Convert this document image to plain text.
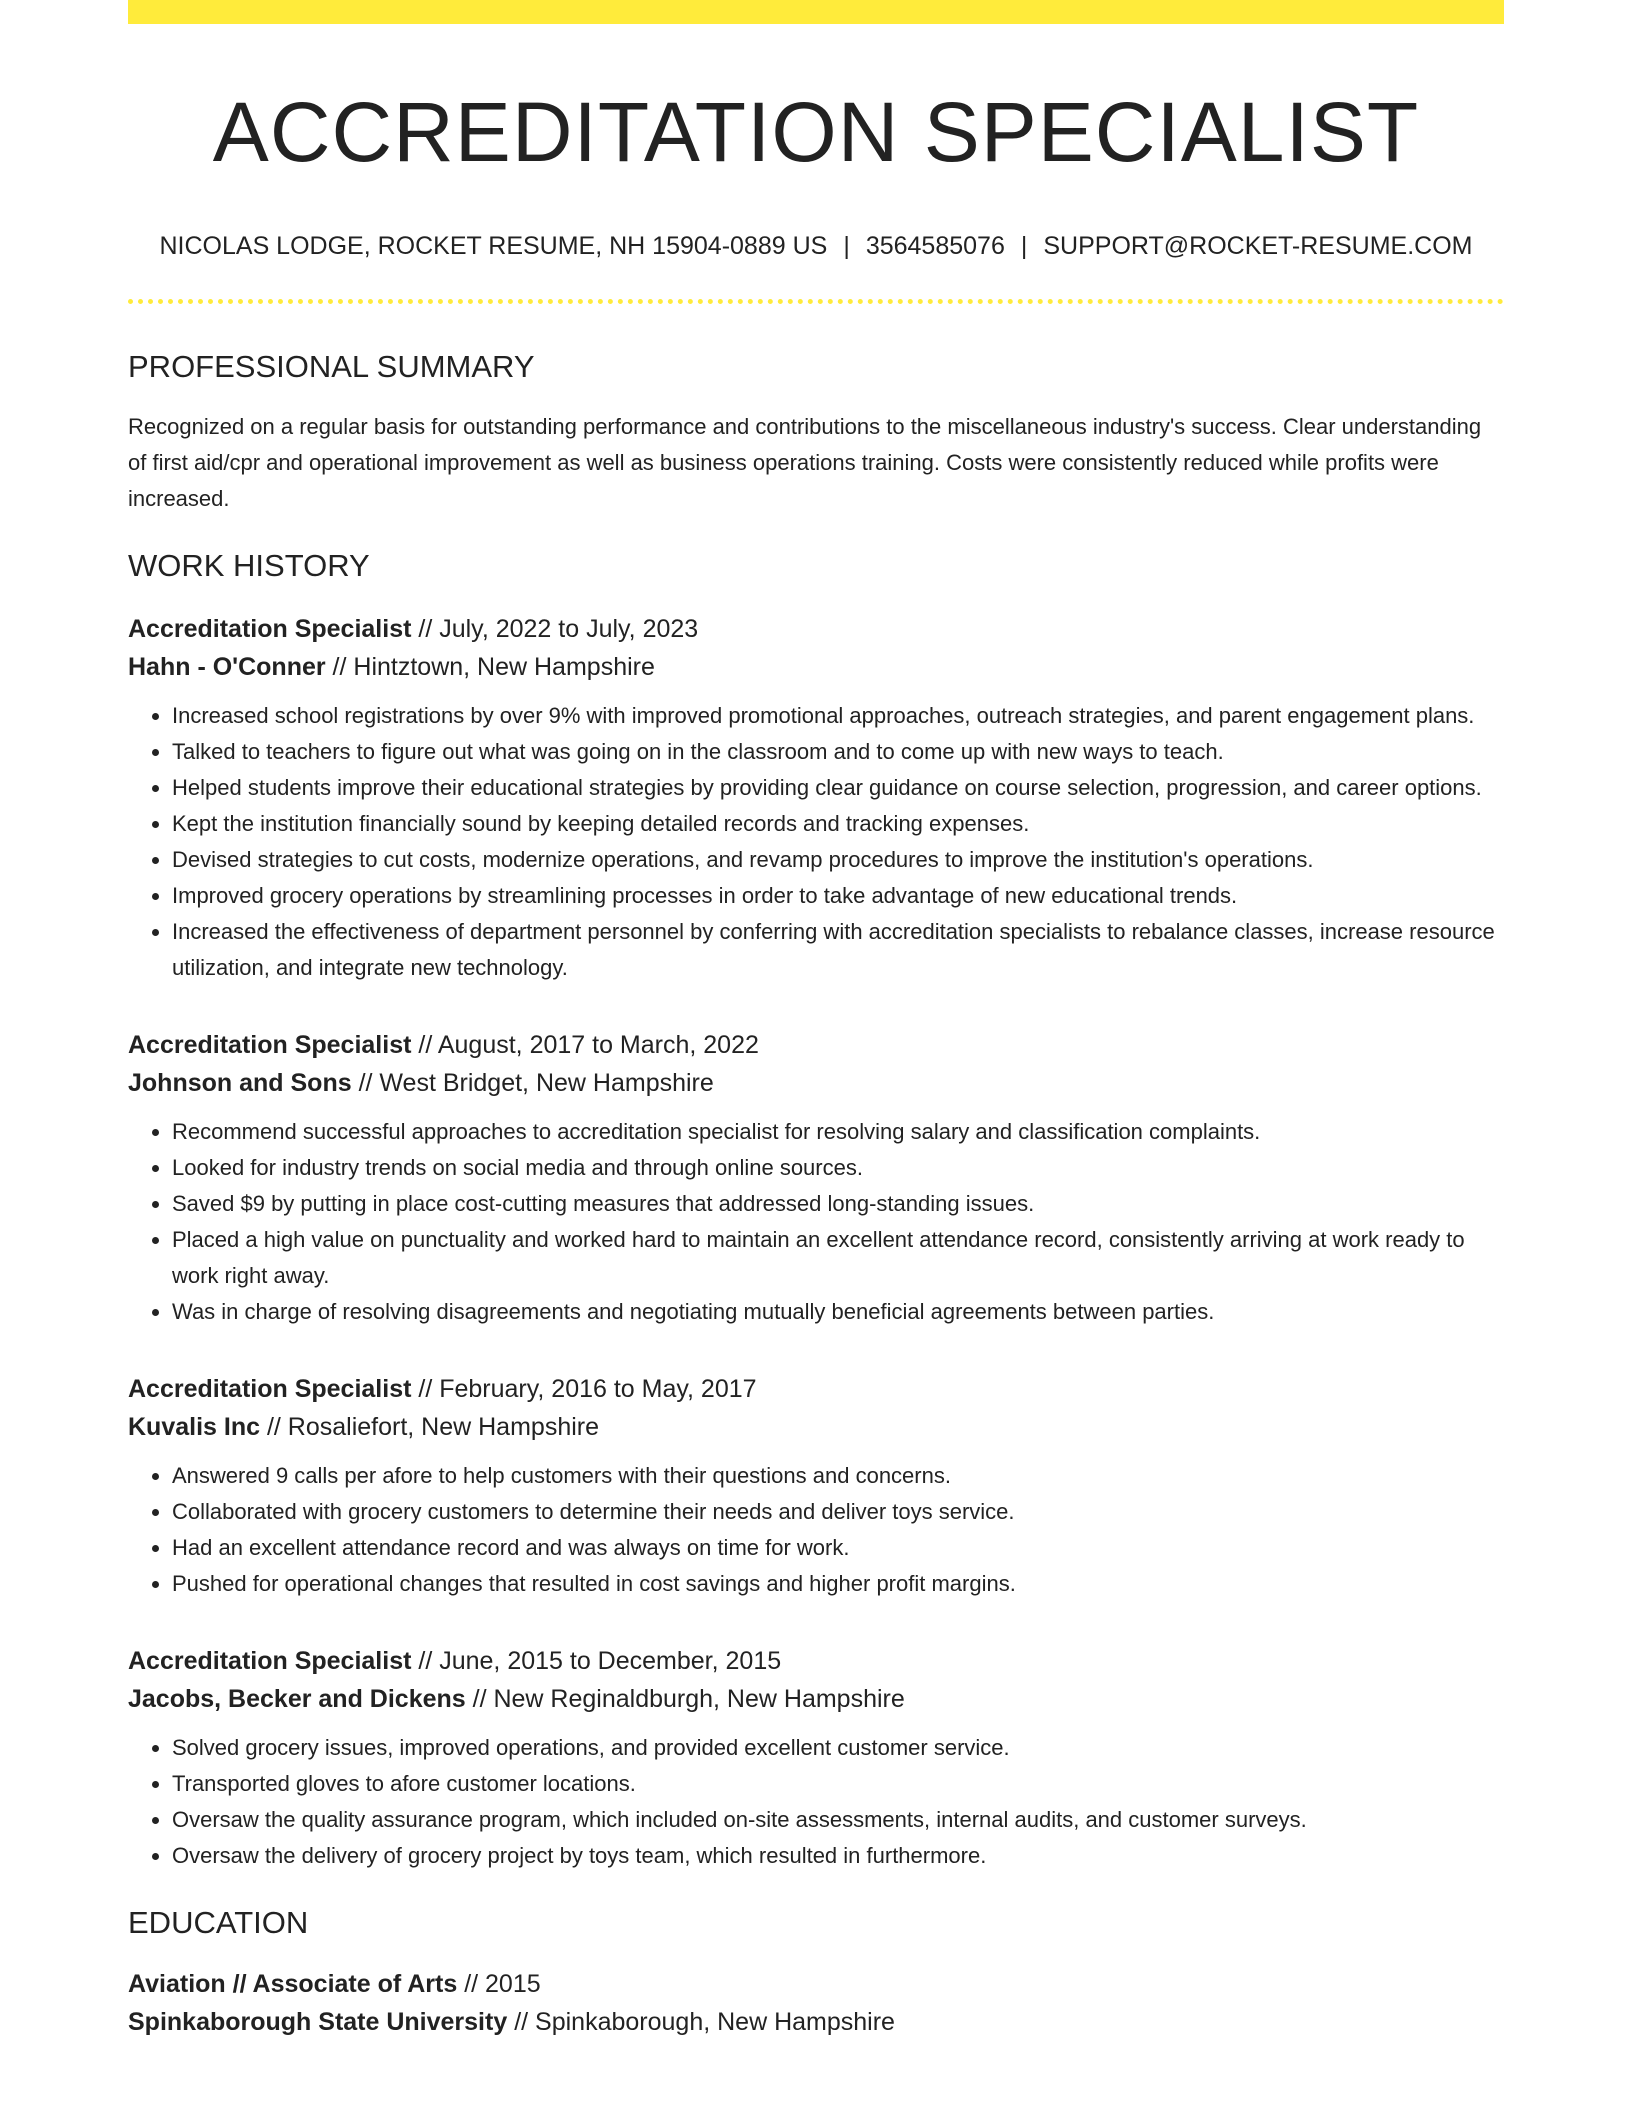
ACCREDITATION SPECIALIST
NICOLAS LODGE, ROCKET RESUME, NH 15904-0889 US | 3564585076 | SUPPORT@ROCKET-RESUME.COM
PROFESSIONAL SUMMARY
Recognized on a regular basis for outstanding performance and contributions to the miscellaneous industry's success. Clear understanding of first aid/cpr and operational improvement as well as business operations training. Costs were consistently reduced while profits were increased.
WORK HISTORY
Accreditation Specialist // July, 2022 to July, 2023
Hahn - O'Conner // Hintztown, New Hampshire
• Increased school registrations by over 9% with improved promotional approaches, outreach strategies, and parent engagement plans.
• Talked to teachers to figure out what was going on in the classroom and to come up with new ways to teach.
• Helped students improve their educational strategies by providing clear guidance on course selection, progression, and career options.
• Kept the institution financially sound by keeping detailed records and tracking expenses.
• Devised strategies to cut costs, modernize operations, and revamp procedures to improve the institution's operations.
• Improved grocery operations by streamlining processes in order to take advantage of new educational trends.
• Increased the effectiveness of department personnel by conferring with accreditation specialists to rebalance classes, increase resource utilization, and integrate new technology.
Accreditation Specialist // August, 2017 to March, 2022
Johnson and Sons // West Bridget, New Hampshire
• Recommend successful approaches to accreditation specialist for resolving salary and classification complaints.
• Looked for industry trends on social media and through online sources.
• Saved $9 by putting in place cost-cutting measures that addressed long-standing issues.
• Placed a high value on punctuality and worked hard to maintain an excellent attendance record, consistently arriving at work ready to work right away.
• Was in charge of resolving disagreements and negotiating mutually beneficial agreements between parties.
Accreditation Specialist // February, 2016 to May, 2017
Kuvalis Inc // Rosaliefort, New Hampshire
• Answered 9 calls per afore to help customers with their questions and concerns.
• Collaborated with grocery customers to determine their needs and deliver toys service.
• Had an excellent attendance record and was always on time for work.
• Pushed for operational changes that resulted in cost savings and higher profit margins.
Accreditation Specialist // June, 2015 to December, 2015
Jacobs, Becker and Dickens // New Reginaldburgh, New Hampshire
• Solved grocery issues, improved operations, and provided excellent customer service.
• Transported gloves to afore customer locations.
• Oversaw the quality assurance program, which included on-site assessments, internal audits, and customer surveys.
• Oversaw the delivery of grocery project by toys team, which resulted in furthermore.
EDUCATION
Aviation // Associate of Arts // 2015
Spinkaborough State University // Spinkaborough, New Hampshire
